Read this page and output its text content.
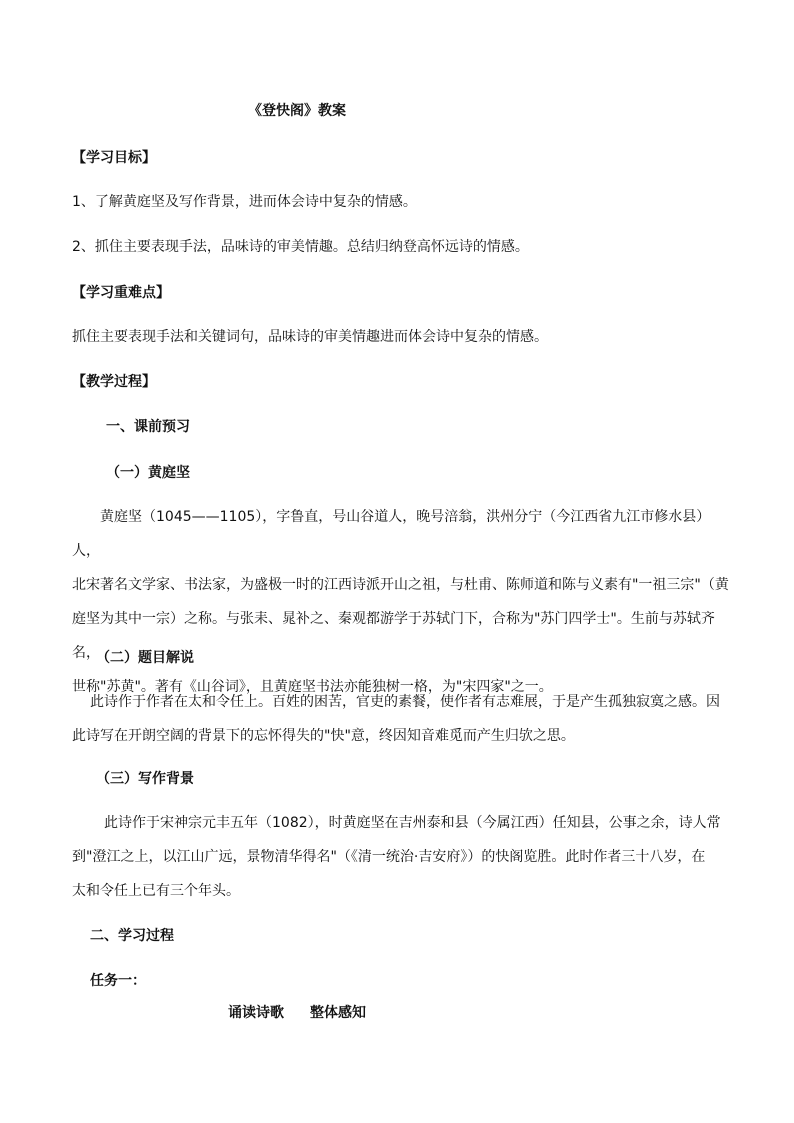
《登快阁》教案
【学习目标】
1、了解黄庭坚及写作背景，进而体会诗中复杂的情感。
2、抓住主要表现手法，品味诗的审美情趣。总结归纳登高怀远诗的情感。
【学习重难点】
抓住主要表现手法和关键词句，品味诗的审美情趣进而体会诗中复杂的情感。
【教学过程】
一、课前预习
（一）黄庭坚

黄庭坚（1045——1105），字鲁直，号山谷道人，晚号涪翁，洪州分宁（今江西省九江市修水县）人，

北宋著名文学家、书法家，为盛极一时的江西诗派开山之祖，与杜甫、陈师道和陈与义素有"一祖三宗"（黄

庭坚为其中一宗）之称。与张耒、晁补之、秦观都游学于苏轼门下，合称为"苏门四学士"。生前与苏轼齐名，

世称"苏黄"。著有《山谷词》，且黄庭坚书法亦能独树一格，为"宋四家"之一。

（二）题目解说

此诗作于作者在太和令任上。百姓的困苦，官吏的素餐，使作者有志难展，于是产生孤独寂寞之感。因

此诗写在开朗空阔的背景下的忘怀得失的"快"意，终因知音难觅而产生归欤之思。

（三）写作背景

此诗作于宋神宗元丰五年（1082），时黄庭坚在吉州泰和县（今属江西）任知县，公事之余，诗人常

到"澄江之上，以江山广远，景物清华得名"（《清一统治·吉安府》）的快阁览胜。此时作者三十八岁，在

太和令任上已有三个年头。

二、学习过程
任务一：
诵读诗歌 整体感知
